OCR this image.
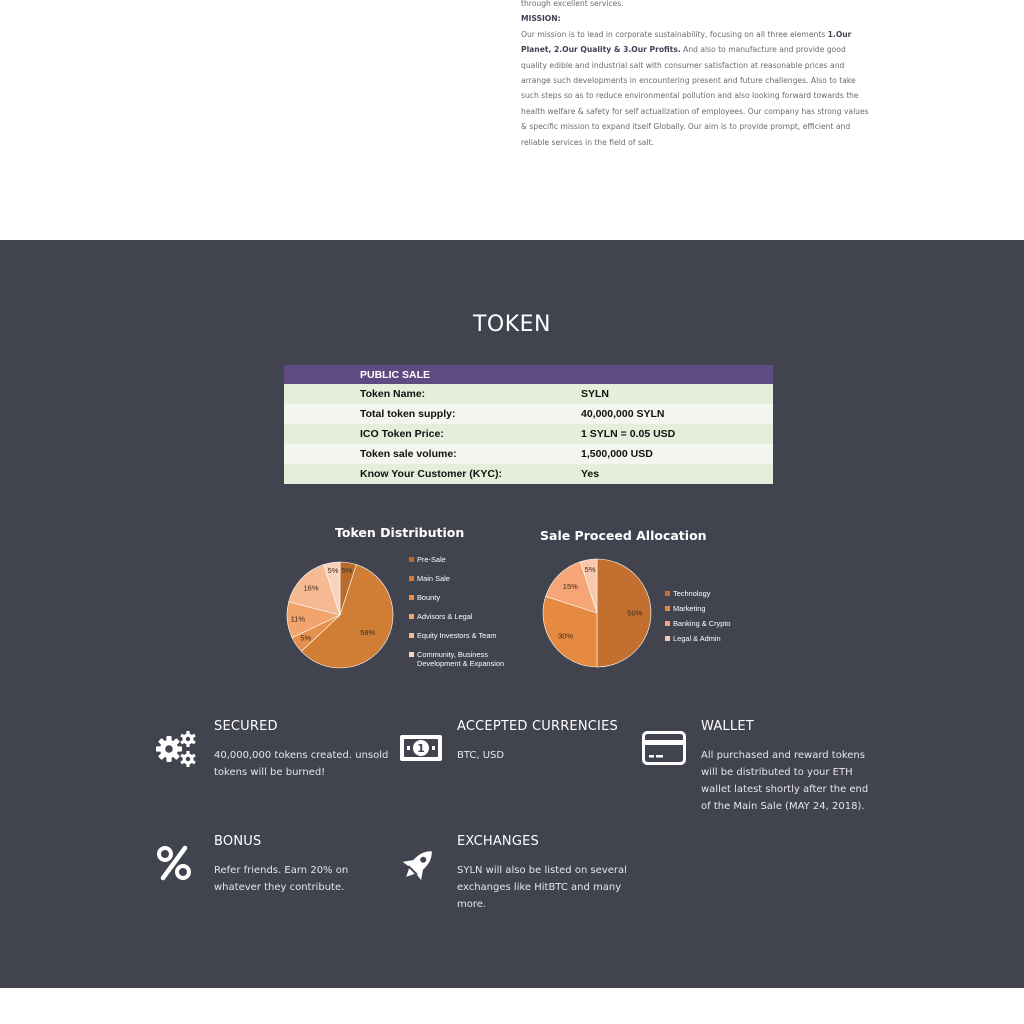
through excellent services.
MISSION:
Our mission is to lead in corporate sustainability, focusing on all three elements 1.Our Planet, 2.Our Quality & 3.Our Profits. And also to manufacture and provide good quality edible and industrial salt with consumer satisfaction at reasonable prices and arrange such developments in encountering present and future challenges. Also to take such steps so as to reduce environmental pollution and also looking forward towards the health welfare & safety for self actualization of employees. Our company has strong values & specific mission to expand itself Globally. Our aim is to provide prompt, efficient and reliable services in the field of salt.
TOKEN
PUBLIC SALE
Token Name:	SYLN
Total token supply:	40,000,000 SYLN
ICO Token Price:	1 SYLN = 0.05 USD
Token sale volume:	1,500,000 USD
Know Your Customer (KYC):	Yes
Token Distribution
5%
58%
5%
11%
16%
5%
Pre-Sale
Main Sale
Bounty
Advisors & Legal
Equity Investors & Team
Community, Business Development & Expansion
Sale Proceed Allocation
50%
30%
15%
5%
Technology
Marketing
Banking & Crypto
Legal & Admin
SECURED

40,000,000 tokens created. unsold tokens will be burned!

1
ACCEPTED CURRENCIES

BTC, USD

WALLET

All purchased and reward tokens will be distributed to your ETH wallet latest shortly after the end of the Main Sale (MAY 24, 2018).

BONUS

Refer friends. Earn 20% on whatever they contribute.

EXCHANGES

SYLN will also be listed on several exchanges like HitBTC and many more.
